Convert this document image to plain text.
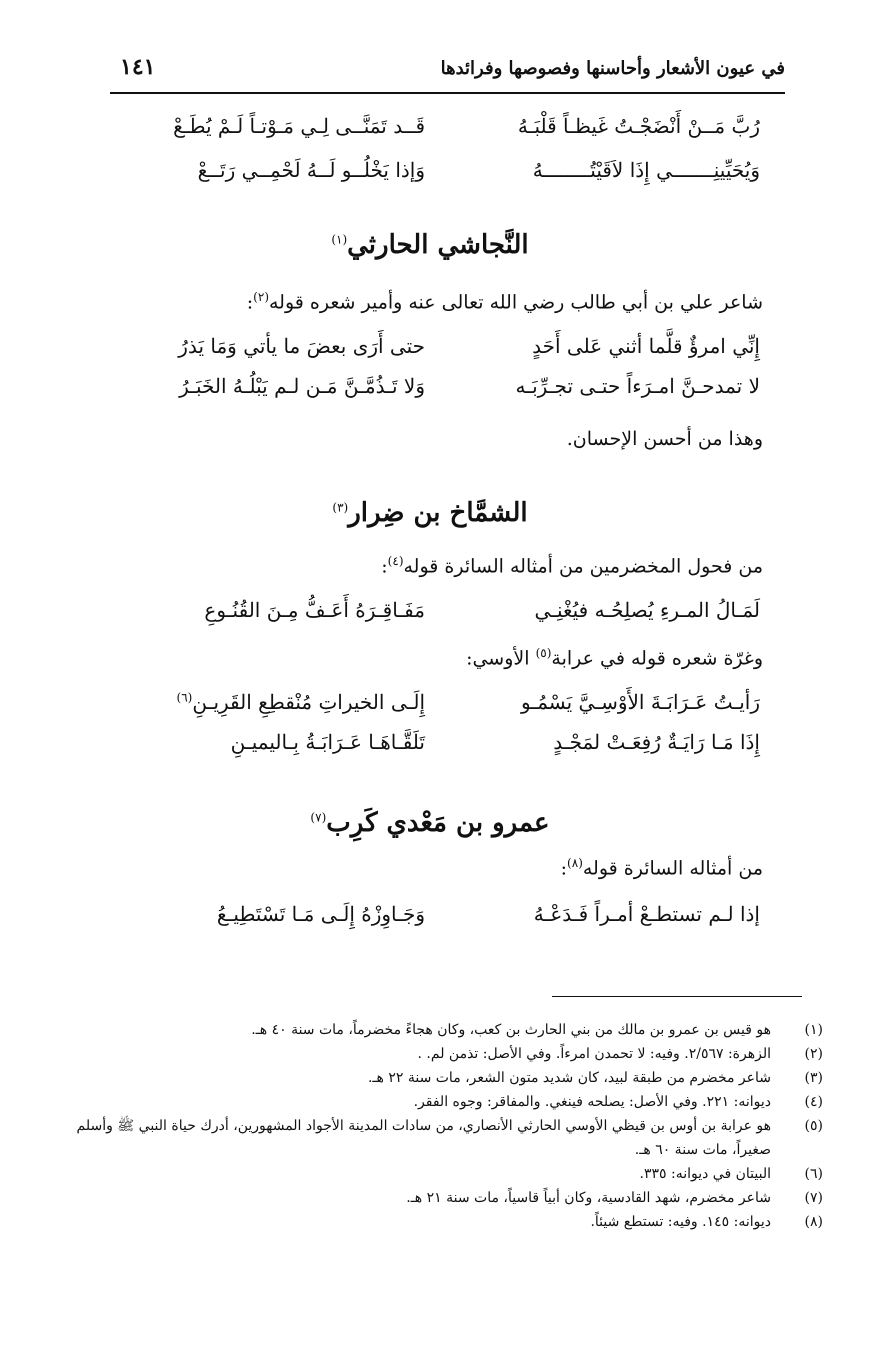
في عيون الأشعار وأحاسنها وفصوصها وفرائدها
١٤١
رُبَّ مَــنْ أَنْضَجْـتُ غَيظـاً قَلْبَـهُ
قَــد تَمَنَّــى لِـي مَـوْتـاً لَـمْ يُطَـعْ
وَيُحَيِّينِـــــــي إِذَا لاَقَيْتُــــــــهُ
وَإذا يَخْلُــو لَــهُ لَحْمِــي رَتَــعْ
النَّجاشي الحارثي$^{(١)}$
شاعر علي بن أبي طالب رضي الله تعالى عنه وأمير شعره قوله$^{(٢)}$:
إِنِّي امرؤٌ قلَّما أثني عَلى أَحَدٍ
حتى أَرَى بعضَ ما يأتي وَمَا يَذرُ
لا تمدحـنَّ امـرَءاً حتـى تجـرِّبَـه
وَلا تَـذُمَّـنَّ مَـن لـم يَبْلُـهُ الخَبَـرُ
وهذا من أحسن الإحسان.
الشمَّاخ بن ضِرار$^{(٣)}$
من فحول المخضرمين من أمثاله السائرة قوله$^{(٤)}$:
لَمَـالُ المـرءِ يُصلِحُـه فيُغْنِـي
مَفَـاقِـرَهُ أَعَـفُّ مِـنَ القُنُـوعِ
وغرّة شعره قوله في عرابة$^{(٥)}$ الأوسي:
رَأيـتُ عَـرَابَـةَ الأَوْسِـيَّ يَسْمُـو
إِلَـى الخيراتِ مُنْقطِعِ القَرِيـنِ$^{(٦)}$
إِذَا مَـا رَايَـةٌ رُفِعَـتْ لمَجْـدٍ
تَلَقَّـاهَـا عَـرَابَـةُ بِـاليميـنِ
عمرو بن مَعْدي كَرِب$^{(٧)}$
من أمثاله السائرة قوله$^{(٨)}$:
إذا لـم تستطـعْ أمـراً فَـدَعْـهُ
وَجَـاوِزْهُ إِلَـى مَـا تَسْتَطِيـعُ
(١)
هو قيس بن عمرو بن مالك من بني الحارث بن كعب، وكان هجاءً مخضرماً، مات سنة ٤٠ هـ.
(٢)
الزهرة: ٢/٥٦٧. وفيه: لا تحمدن امرءاً. وفي الأصل: تذمن لم. .
(٣)
شاعر مخضرم من طبقة لبيد، كان شديد متون الشعر، مات سنة ٢٢ هـ.
(٤)
ديوانه: ٢٢١. وفي الأصل: يصلحه فينغي. والمفاقر: وجوه الفقر.
(٥)
هو عرابة بن أوس بن قيظي الأوسي الحارثي الأنصاري، من سادات المدينة الأجواد المشهورين، أدرك حياة النبي ﷺ وأسلم صغيراً، مات سنة ٦٠ هـ.
(٦)
البيتان في ديوانه: ٣٣٥.
(٧)
شاعر مخضرم، شهد القادسية، وكان أبياً قاسياً، مات سنة ٢١ هـ.
(٨)
ديوانه: ١٤٥. وفيه: تستطع شيئاً.
